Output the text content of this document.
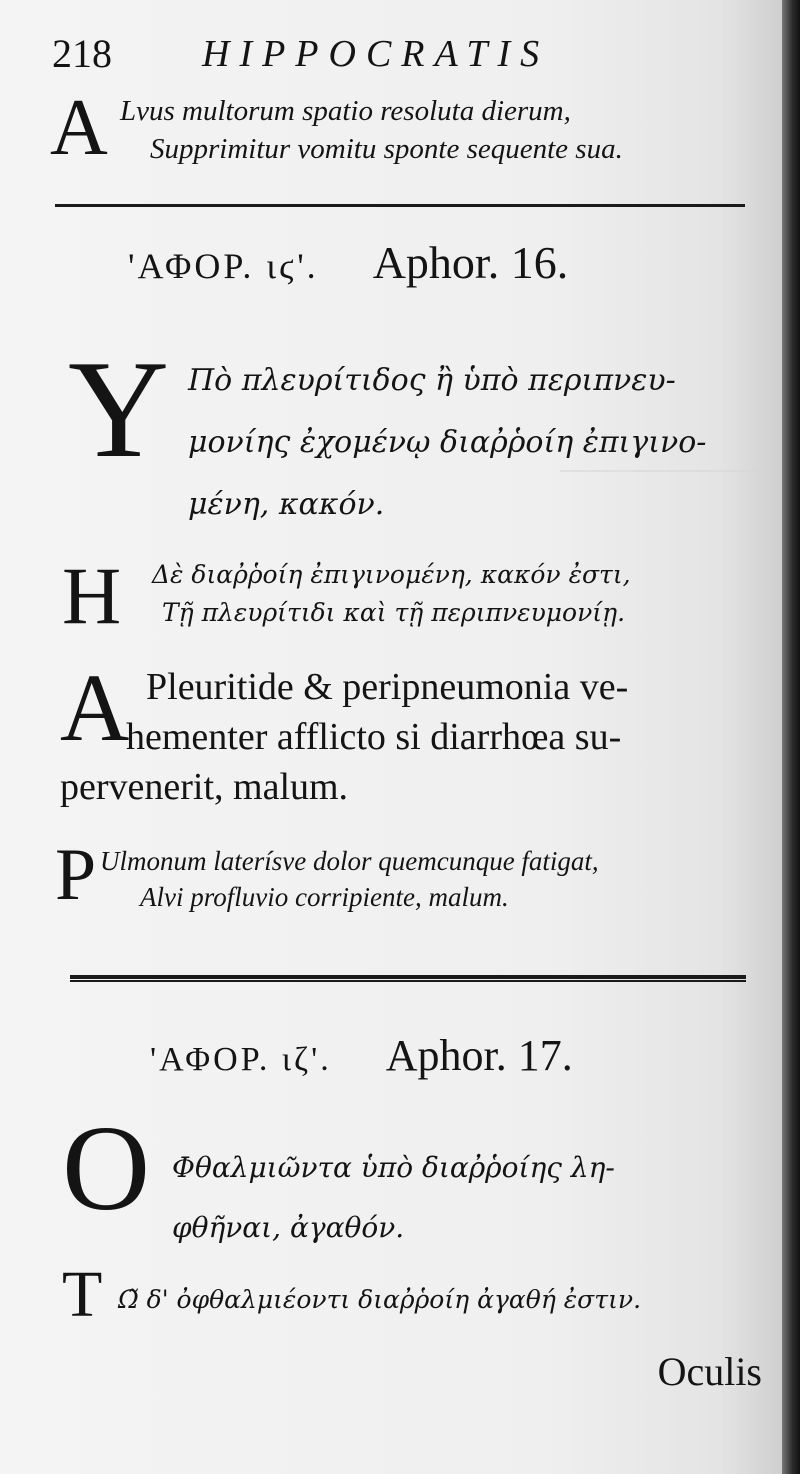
218 HIPPOCRATIS
A Lvus multorum spatio resoluta dierum,
Supprimitur vomitu sponte sequente sua.
'ΑΦΟΡ. ιϛ'. Aphor. 16.
Υ Πὸ πλευρίτιδος ἢ ὑπὸ περιπνευ-
μονίης ἐχομένῳ διαῤῥοίη ἐπιγινο-
μένη, κακόν.
Η Δὲ διαῤῥοίη ἐπιγινομένη, κακόν ἐστι,
Τῇ πλευρίτιδι καὶ τῇ περιπνευμονίῃ.
A Pleuritide & peripneumonia ve-
hementer afflicto si diarrhœa su-
pervenerit, malum.
P Ulmonum laterísve dolor quemcunque fatigat,
Alvi profluvio corripiente, malum.
'ΑΦΟΡ. ιζ'. Aphor. 17.
Ο Φθαλμιῶντα ὑπὸ διαῤῥοίης λη-
φθῆναι, ἀγαθόν.
Τ Ω̃ δ' ὀφθαλμιέοντι διαῤῥοίη ἀγαθή ἐστιν.
Oculis
